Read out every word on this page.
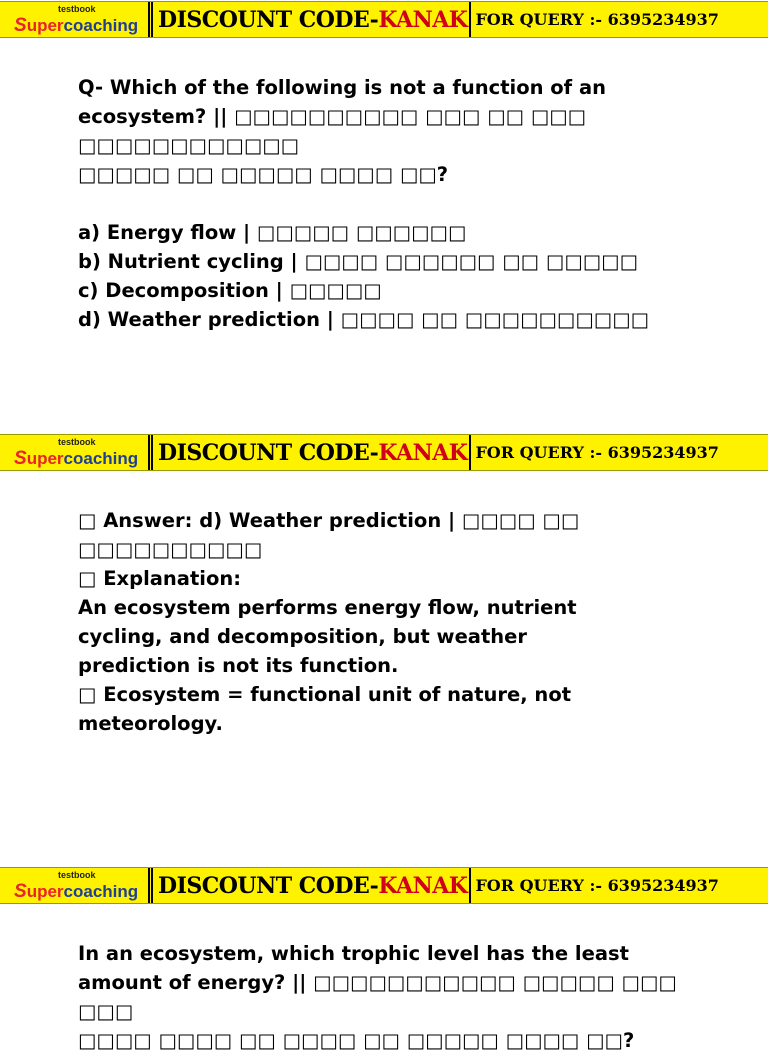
testbook
Supercoaching DISCOUNT CODE-KANAK FOR QUERY :- 6395234937

Q- Which of the following is not a function of an

ecosystem? || □□□□□□□□□□ □□□ □□ □□□ □□□□□□□□□□□□

□□□□□ □□ □□□□□ □□□□ □□?

a) Energy flow | □□□□□ □□□□□□

b) Nutrient cycling | □□□□ □□□□□□ □□ □□□□□

c) Decomposition | □□□□□

d) Weather prediction | □□□□ □□ □□□□□□□□□□

testbook
Supercoaching DISCOUNT CODE-KANAK FOR QUERY :- 6395234937

□ Answer: d) Weather prediction | □□□□ □□

□□□□□□□□□□

□ Explanation:

An ecosystem performs energy flow, nutrient

cycling, and decomposition, but weather

prediction is not its function.

□ Ecosystem = functional unit of nature, not

meteorology.

testbook
Supercoaching DISCOUNT CODE-KANAK FOR QUERY :- 6395234937

In an ecosystem, which trophic level has the least

amount of energy? || □□□□□□□□□□□ □□□□□ □□□ □□□

□□□□ □□□□ □□ □□□□ □□ □□□□□ □□□□ □□?
